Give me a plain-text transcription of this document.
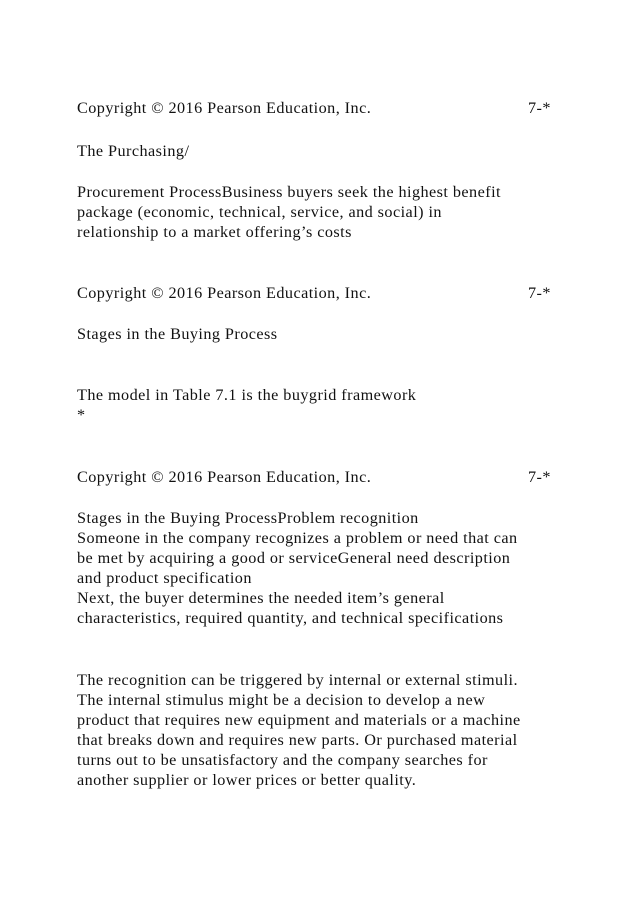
Copyright © 2016 Pearson Education, Inc.	7-*
The Purchasing/
Procurement ProcessBusiness buyers seek the highest benefit
package (economic, technical, service, and social) in
relationship to a market offering’s costs
Copyright © 2016 Pearson Education, Inc.	7-*
Stages in the Buying Process
The model in Table 7.1 is the buygrid framework
*
Copyright © 2016 Pearson Education, Inc.	7-*
Stages in the Buying ProcessProblem recognition
Someone in the company recognizes a problem or need that can
be met by acquiring a good or serviceGeneral need description
and product specification
Next, the buyer determines the needed item’s general
characteristics, required quantity, and technical specifications
The recognition can be triggered by internal or external stimuli.
The internal stimulus might be a decision to develop a new
product that requires new equipment and materials or a machine
that breaks down and requires new parts. Or purchased material
turns out to be unsatisfactory and the company searches for
another supplier or lower prices or better quality.
